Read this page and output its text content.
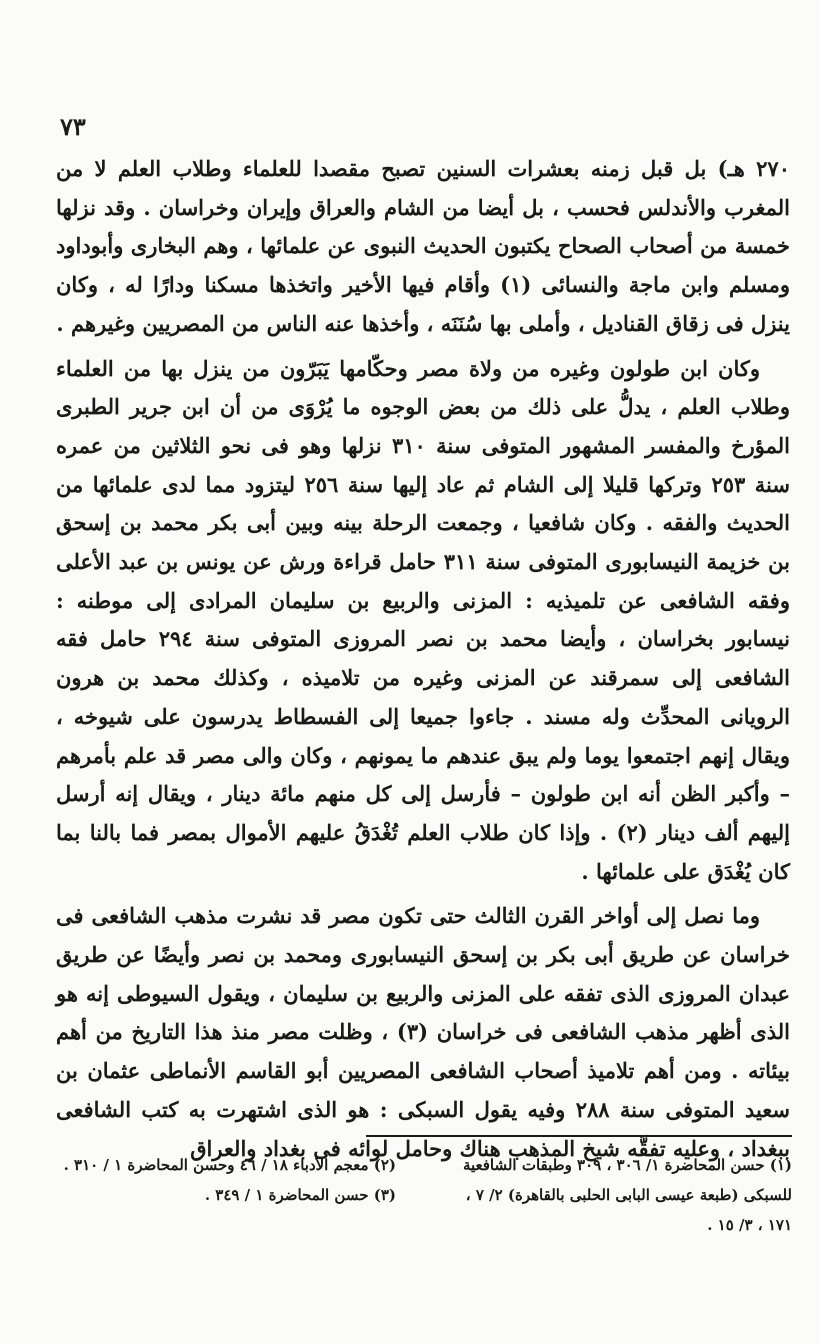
٧٣

٢٧٠ هـ) بل قبل زمنه بعشرات السنين تصبح مقصدا للعلماء وطلاب العلم لا من المغرب والأندلس فحسب ، بل أيضا من الشام والعراق وإيران وخراسان . وقد نزلها خمسة من أصحاب الصحاح يكتبون الحديث النبوى عن علمائها ، وهم البخارى وأبوداود ومسلم وابن ماجة والنسائى (١) وأقام فيها الأخير واتخذها مسكنا ودارًا له ، وكان ينزل فى زقاق القناديل ، وأملى بها سُنَنَه ، وأخذها عنه الناس من المصريين وغيرهم .

وكان ابن طولون وغيره من ولاة مصر وحكّامها يَبَرّون من ينزل بها من العلماء وطلاب العلم ، يدلُّ على ذلك من بعض الوجوه ما يُرْوَى من أن ابن جرير الطبرى المؤرخ والمفسر المشهور المتوفى سنة ٣١٠ نزلها وهو فى نحو الثلاثين من عمره سنة ٢٥٣ وتركها قليلا إلى الشام ثم عاد إليها سنة ٢٥٦ ليتزود مما لدى علمائها من الحديث والفقه . وكان شافعيا ، وجمعت الرحلة بينه وبين أبى بكر محمد بن إسحق بن خزيمة النيسابورى المتوفى سنة ٣١١ حامل قراءة ورش عن يونس بن عبد الأعلى وفقه الشافعى عن تلميذيه : المزنى والربيع بن سليمان المرادى إلى موطنه : نيسابور بخراسان ، وأيضا محمد بن نصر المروزى المتوفى سنة ٢٩٤ حامل فقه الشافعى إلى سمرقند عن المزنى وغيره من تلاميذه ، وكذلك محمد بن هرون الرويانى المحدِّث وله مسند . جاءوا جميعا إلى الفسطاط يدرسون على شيوخه ، ويقال إنهم اجتمعوا يوما ولم يبق عندهم ما يمونهم ، وكان والى مصر قد علم بأمرهم – وأكبر الظن أنه ابن طولون – فأرسل إلى كل منهم مائة دينار ، ويقال إنه أرسل إليهم ألف دينار (٢) . وإذا كان طلاب العلم تُغْدَقُ عليهم الأموال بمصر فما بالنا بما كان يُغْدَق على علمائها .

وما نصل إلى أواخر القرن الثالث حتى تكون مصر قد نشرت مذهب الشافعى فى خراسان عن طريق أبى بكر بن إسحق النيسابورى ومحمد بن نصر وأيضًا عن طريق عبدان المروزى الذى تفقه على المزنى والربيع بن سليمان ، ويقول السيوطى إنه هو الذى أظهر مذهب الشافعى فى خراسان (٣) ، وظلت مصر منذ هذا التاريخ من أهم بيئاته . ومن أهم تلاميذ أصحاب الشافعى المصريين أبو القاسم الأنماطى عثمان بن سعيد المتوفى سنة ٢٨٨ وفيه يقول السبكى : هو الذى اشتهرت به كتب الشافعى ببغداد ، وعليه تفقَّه شيخ المذهب هناك وحامل لوائه فى بغداد والعراق

(١) حسن المحاضرة ١/ ٣٠٦ ، ٣٠٩ وطبقات الشافعية للسبكى (طبعة عيسى البابى الحلبى بالقاهرة) ٢/ ٧ ، ١٧١ ، ٣/ ١٥ .

(٢) معجم الأدباء ١٨ / ٤٦ وحسن المحاضرة ١ / ٣١٠ .

(٣) حسن المحاضرة ١ / ٣٤٩ .
